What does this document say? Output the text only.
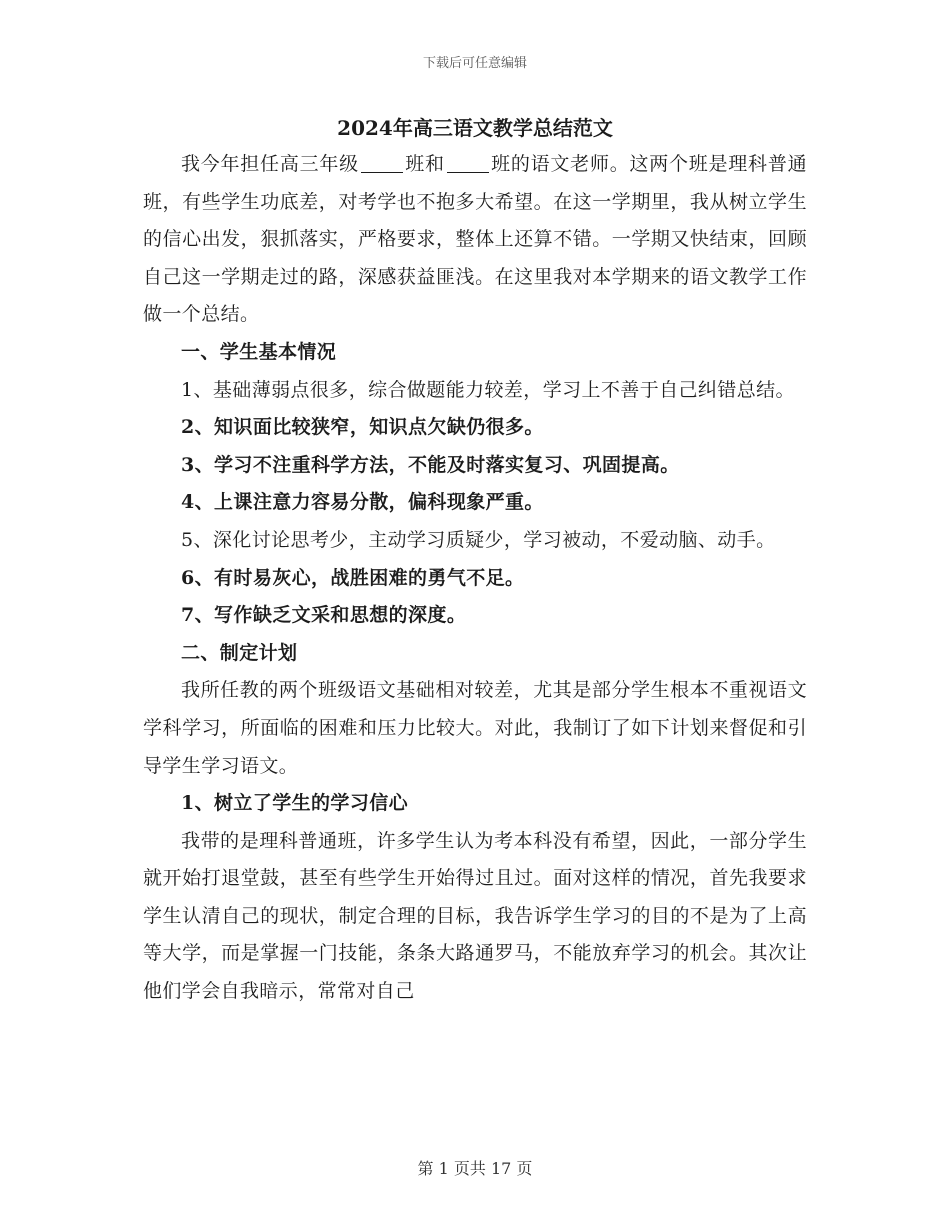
下载后可任意编辑
2024年高三语文教学总结范文

我今年担任高三年级 班和 班的语文老师。这两个班是理科普通班，有些学生功底差，对考学也不抱多大希望。在这一学期里，我从树立学生的信心出发，狠抓落实，严格要求，整体上还算不错。一学期又快结束，回顾自己这一学期走过的路，深感获益匪浅。在这里我对本学期来的语文教学工作做一个总结。

一、学生基本情况

1、基础薄弱点很多，综合做题能力较差，学习上不善于自己纠错总结。

2、知识面比较狭窄，知识点欠缺仍很多。

3、学习不注重科学方法，不能及时落实复习、巩固提高。

4、上课注意力容易分散，偏科现象严重。

5、深化讨论思考少，主动学习质疑少，学习被动，不爱动脑、动手。

6、有时易灰心，战胜困难的勇气不足。

7、写作缺乏文采和思想的深度。

二、制定计划

我所任教的两个班级语文基础相对较差，尤其是部分学生根本不重视语文学科学习，所面临的困难和压力比较大。对此，我制订了如下计划来督促和引导学生学习语文。

1、树立了学生的学习信心

我带的是理科普通班，许多学生认为考本科没有希望，因此，一部分学生就开始打退堂鼓，甚至有些学生开始得过且过。面对这样的情况，首先我要求学生认清自己的现状，制定合理的目标，我告诉学生学习的目的不是为了上高等大学，而是掌握一门技能，条条大路通罗马，不能放弃学习的机会。其次让他们学会自我暗示，常常对自己

第 1 页共 17 页
